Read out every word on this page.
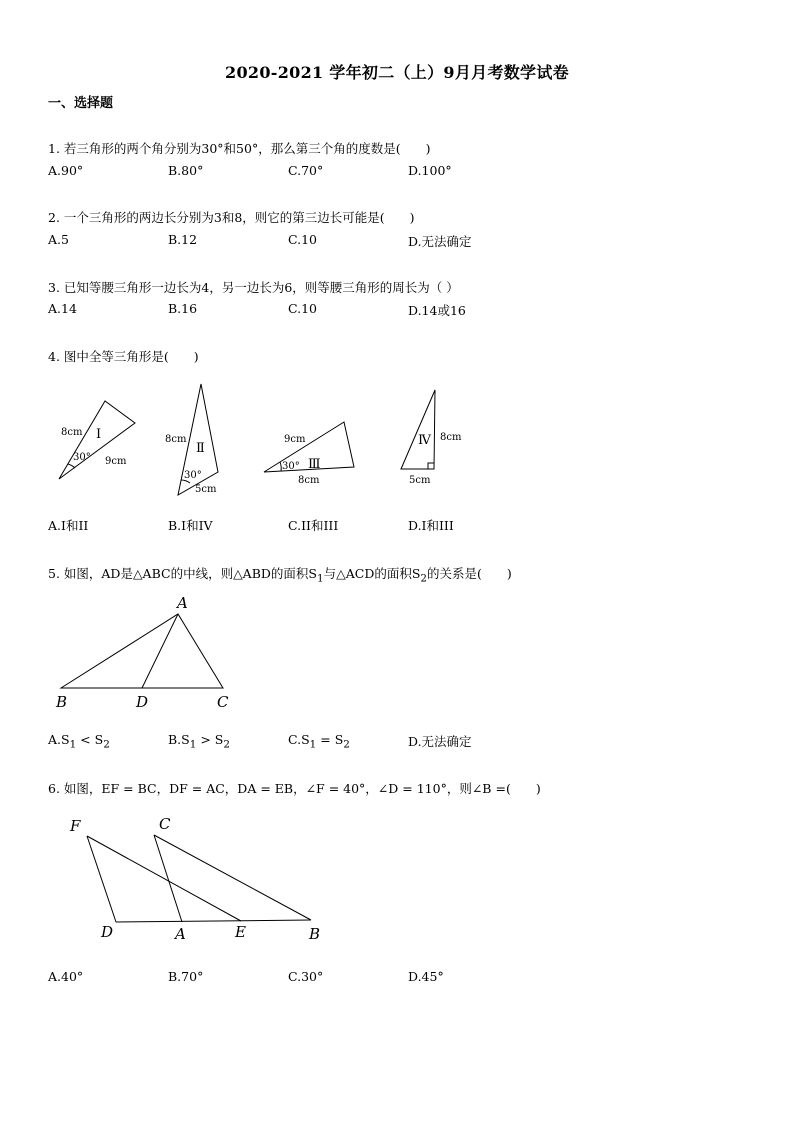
2020-2021 学年初二（上）9月月考数学试卷
一、选择题
1. 若三角形的两个角分别为30°和50°，那么第三个角的度数是(　　)
A.90°	B.80°	C.70°	D.100°
2. 一个三角形的两边长分别为3和8，则它的第三边长可能是(　　)
A.5	B.12	C.10	D.无法确定
3. 已知等腰三角形一边长为4，另一边长为6，则等腰三角形的周长为（ ）
A.14	B.16	C.10	D.14或16
4. 图中全等三角形是(　　)
8cm
9cm
30°
Ⅰ	8cm
5cm
30°
Ⅱ
9cm
8cm
30° Ⅲ
8cm
5cm
Ⅳ
A.I和II	B.I和IV	C.II和III	D.I和III
5. 如图，AD是△ABC的中线，则△ABD的面积$S_1$与△ACD的面积$S_2$的关系是(　　)
A
B	D	C
$A.S_1 < S_2$	$B.S_1 > S_2$	$C.S_1 = S_2$	D.无法确定
6. 如图，EF = BC，DF = AC，DA = EB，∠F = 40°，∠D = 110°，则∠B =(　　)
F	C
D	A	E	B
A.40°	B.70°	C.30°	D.45°
